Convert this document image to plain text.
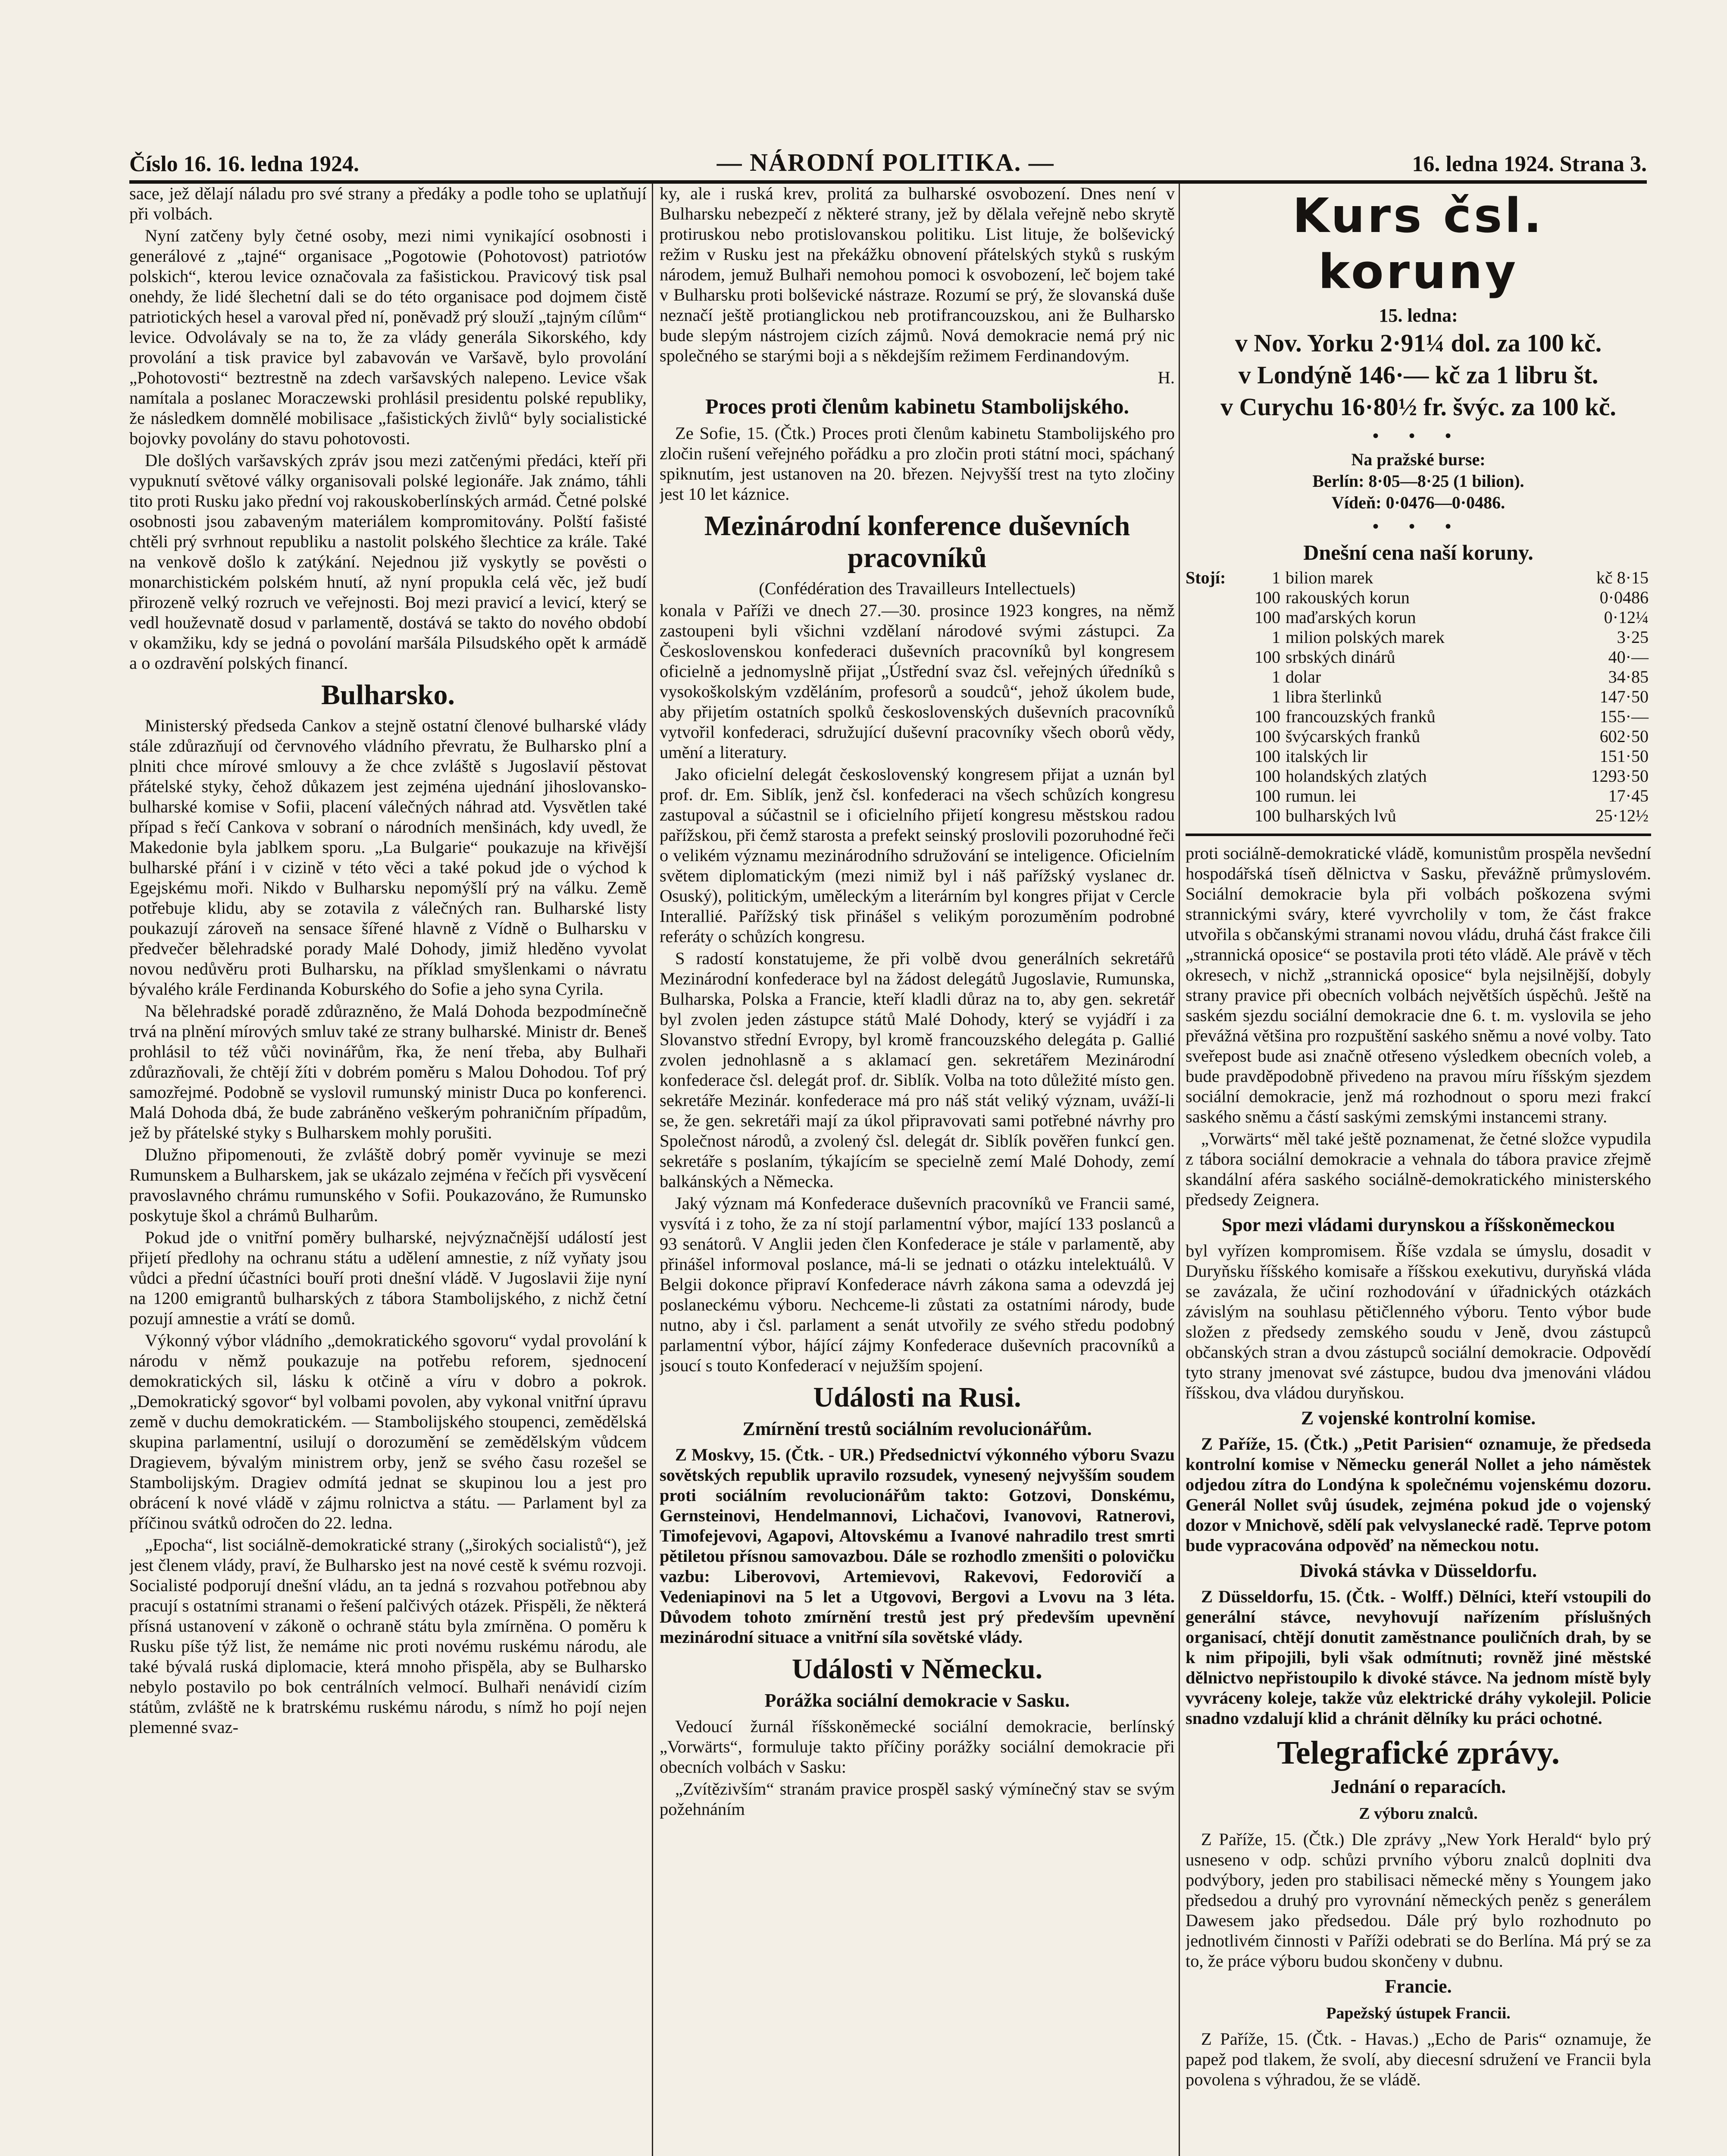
Číslo 16. 16. ledna 1924.	— NÁRODNÍ POLITIKA. —	16. ledna 1924. Strana 3.

sace, jež dělají náladu pro své strany a předáky a podle toho se uplatňují při volbách.

Nyní zatčeny byly četné osoby, mezi nimi vynikající osobnosti i generálové z „tajné“ organisace „Pogotowie (Pohotovost) patriotów polskich“, kterou levice označovala za fašistickou. Pravicový tisk psal onehdy, že lidé šlechetní dali se do této organisace pod dojmem čistě patriotických hesel a varoval před ní, poněvadž prý slouží „tajným cílům“ levice. Odvolávaly se na to, že za vlády generála Sikorského, kdy provolání a tisk pravice byl zabavován ve Varšavě, bylo provolání „Pohotovosti“ beztrestně na zdech varšavských nalepeno. Levice však namítala a poslanec Moraczewski prohlásil presidentu polské republiky, že následkem domnělé mobilisace „fašistických živlů“ byly socialistické bojovky povolány do stavu pohotovosti.

Dle došlých varšavských zpráv jsou mezi zatčenými předáci, kteří při vypuknutí světové války organisovali polské legionáře. Jak známo, táhli tito proti Rusku jako přední voj rakouskoberlínských armád. Četné polské osobnosti jsou zabaveným materiálem kompromitovány. Polští fašisté chtěli prý svrhnout republiku a nastolit polského šlechtice za krále. Také na venkově došlo k zatýkání. Nejednou již vyskytly se pověsti o monarchistickém polském hnutí, až nyní propukla celá věc, jež budí přirozeně velký rozruch ve veřejnosti. Boj mezi pravicí a levicí, který se vedl houževnatě dosud v parlamentě, dostává se takto do nového období v okamžiku, kdy se jedná o povolání maršála Pilsudského opět k armádě a o ozdravění polských financí.

Bulharsko.

Ministerský předseda Cankov a stejně ostatní členové bulharské vlády stále zdůrazňují od červnového vládního převratu, že Bulharsko plní a plniti chce mírové smlouvy a že chce zvláště s Jugoslavií pěstovat přátelské styky, čehož důkazem jest zejména ujednání jihoslovansko-bulharské komise v Sofii, placení válečných náhrad atd. Vysvětlen také případ s řečí Cankova v sobraní o národních menšinách, kdy uvedl, že Makedonie byla jablkem sporu. „La Bulgarie“ poukazuje na křivější bulharské přání i v cizině v této věci a také pokud jde o východ k Egejskému moři. Nikdo v Bulharsku nepomýšlí prý na válku. Země potřebuje klidu, aby se zotavila z válečných ran. Bulharské listy poukazují zároveň na sensace šířené hlavně z Vídně o Bulharsku v předvečer bělehradské porady Malé Dohody, jimiž hleděno vyvolat novou nedůvěru proti Bulharsku, na příklad smyšlenkami o návratu bývalého krále Ferdinanda Koburského do Sofie a jeho syna Cyrila.

Na bělehradské poradě zdůrazněno, že Malá Dohoda bezpodmínečně trvá na plnění mírových smluv také ze strany bulharské. Ministr dr. Beneš prohlásil to též vůči novinářům, řka, že není třeba, aby Bulhaři zdůrazňovali, že chtějí žíti v dobrém poměru s Malou Dohodou. Tof prý samozřejmé. Podobně se vyslovil rumunský ministr Duca po konferenci. Malá Dohoda dbá, že bude zabráněno veškerým pohraničním případům, jež by přátelské styky s Bulharskem mohly porušiti.

Dlužno připomenouti, že zvláště dobrý poměr vyvinuje se mezi Rumunskem a Bulharskem, jak se ukázalo zejména v řečích při vysvěcení pravoslavného chrámu rumunského v Sofii. Poukazováno, že Rumunsko poskytuje škol a chrámů Bulharům.

Pokud jde o vnitřní poměry bulharské, nejvýznačnější událostí jest přijetí předlohy na ochranu státu a udělení amnestie, z níž vyňaty jsou vůdci a přední účastníci bouří proti dnešní vládě. V Jugoslavii žije nyní na 1200 emigrantů bulharských z tábora Stambolijského, z nichž četní pozují amnestie a vrátí se domů.

Výkonný výbor vládního „demokratického sgovoru“ vydal provolání k národu v němž poukazuje na potřebu reforem, sjednocení demokratických sil, lásku k otčině a víru v dobro a pokrok. „Demokratický sgovor“ byl volbami povolen, aby vykonal vnitřní úpravu země v duchu demokratickém. — Stambolijského stoupenci, zemědělská skupina parlamentní, usilují o dorozumění se zemědělským vůdcem Dragievem, bývalým ministrem orby, jenž se svého času rozešel se Stambolijským. Dragiev odmítá jednat se skupinou lou a jest pro obrácení k nové vládě v zájmu rolnictva a státu. — Parlament byl za příčinou svátků odročen do 22. ledna.

„Epocha“, list sociálně-demokratické strany („širokých socialistů“), jež jest členem vlády, praví, že Bulharsko jest na nové cestě k svému rozvoji. Socialisté podporují dnešní vládu, an ta jedná s rozvahou potřebnou aby pracují s ostatními stranami o řešení palčivých otázek. Přispěli, že některá přísná ustanovení v zákoně o ochraně státu byla zmírněna. O poměru k Rusku píše týž list, že nemáme nic proti novému ruskému národu, ale také bývalá ruská diplomacie, která mnoho přispěla, aby se Bulharsko nebylo postavilo po bok centrálních velmocí. Bulhaři nenávidí cizím státům, zvláště ne k bratrskému ruskému národu, s nímž ho pojí nejen plemenné svaz-

ky, ale i ruská krev, prolitá za bulharské osvobození. Dnes není v Bulharsku nebezpečí z některé strany, jež by dělala veřejně nebo skrytě protiruskou nebo protislovanskou politiku. List lituje, že bolševický režim v Rusku jest na překážku obnovení přátelských styků s ruským národem, jemuž Bulhaři nemohou pomoci k osvobození, leč bojem také v Bulharsku proti bolševické nástraze. Rozumí se prý, že slovanská duše neznačí ještě protianglickou neb protifrancouzskou, ani že Bulharsko bude slepým nástrojem cizích zájmů. Nová demokracie nemá prý nic společného se starými boji a s někdejším režimem Ferdinandovým.

H.

Proces proti členům kabinetu Stambolijského.

Ze Sofie, 15. (Čtk.) Proces proti členům kabinetu Stambolijského pro zločin rušení veřejného pořádku a pro zločin proti státní moci, spáchaný spiknutím, jest ustanoven na 20. březen. Nejvyšší trest na tyto zločiny jest 10 let káznice.

Mezinárodní konference duševních pracovníků

(Confédération des Travailleurs Intellectuels)

konala v Paříži ve dnech 27.—30. prosince 1923 kongres, na němž zastoupeni byli všichni vzdělaní národové svými zástupci. Za Československou konfederaci duševních pracovníků byl kongresem oficielně a jednomyslně přijat „Ústřední svaz čsl. veřejných úředníků s vysokoškolským vzděláním, profesorů a soudců“, jehož úkolem bude, aby přijetím ostatních spolků československých duševních pracovníků vytvořil konfederaci, sdružující duševní pracovníky všech oborů vědy, umění a literatury.

Jako oficielní delegát československý kongresem přijat a uznán byl prof. dr. Em. Siblík, jenž čsl. konfederaci na všech schůzích kongresu zastupoval a súčastnil se i oficielního přijetí kongresu městskou radou pařížskou, při čemž starosta a prefekt seinský proslovili pozoruhodné řeči o velikém významu mezinárodního sdružování se inteligence. Oficielním světem diplomatickým (mezi nimiž byl i náš pařížský vyslanec dr. Osuský), politickým, uměleckým a literárním byl kongres přijat v Cercle Interallié. Pařížský tisk přinášel s velikým porozuměním podrobné referáty o schůzích kongresu.

S radostí konstatujeme, že při volbě dvou generálních sekretářů Mezinárodní konfederace byl na žádost delegátů Jugoslavie, Rumunska, Bulharska, Polska a Francie, kteří kladli důraz na to, aby gen. sekretář byl zvolen jeden zástupce států Malé Dohody, který se vyjádří i za Slovanstvo střední Evropy, byl kromě francouzského delegáta p. Gallié zvolen jednohlasně a s aklamací gen. sekretářem Mezinárodní konfederace čsl. delegát prof. dr. Siblík. Volba na toto důležité místo gen. sekretáře Mezinár. konfederace má pro náš stát veliký význam, uváží-li se, že gen. sekretáři mají za úkol připravovati sami potřebné návrhy pro Společnost národů, a zvolený čsl. delegát dr. Siblík pověřen funkcí gen. sekretáře s poslaním, týkajícím se specielně zemí Malé Dohody, zemí balkánských a Německa.

Jaký význam má Konfederace duševních pracovníků ve Francii samé, vysvítá i z toho, že za ní stojí parlamentní výbor, mající 133 poslanců a 93 senátorů. V Anglii jeden člen Konfederace je stále v parlamentě, aby přinášel informoval poslance, má-li se jednati o otázku intelektuálů. V Belgii dokonce připraví Konfederace návrh zákona sama a odevzdá jej poslaneckému výboru. Nechceme-li zůstati za ostatními národy, bude nutno, aby i čsl. parlament a senát utvořily ze svého středu podobný parlamentní výbor, hájící zájmy Konfederace duševních pracovníků a jsoucí s touto Konfederací v nejužším spojení.

Události na Rusi.
Zmírnění trestů sociálním revolucionářům.

Z Moskvy, 15. (Čtk. - UR.) Předsednictví výkonného výboru Svazu sovětských republik upravilo rozsudek, vynesený nejvyšším soudem proti sociálním revolucionářům takto: Gotzovi, Donskému, Gernsteinovi, Hendelmannovi, Lichačovi, Ivanovovi, Ratnerovi, Timofejevovi, Agapovi, Altovskému a Ivanové nahradilo trest smrti pětiletou přísnou samovazbou. Dále se rozhodlo zmenšiti o polovičku vazbu: Liberovovi, Artemievovi, Rakevovi, Fedorovičí a Vedeniapinovi na 5 let a Utgovovi, Bergovi a Lvovu na 3 léta. Důvodem tohoto zmírnění trestů jest prý především upevnění mezinárodní situace a vnitřní síla sovětské vlády.

Události v Německu.
Porážka sociální demokracie v Sasku.

Vedoucí žurnál říšskoněmecké sociální demokracie, berlínský „Vorwärts“, formuluje takto příčiny porážky sociální demokracie při obecních volbách v Sasku:

„Zvítězivším“ stranám pravice prospěl saský výmínečný stav se svým požehnáním

Kurs čsl. koruny
15. ledna:
v Nov. Yorku 2·91¼ dol. za 100 kč.
v Londýně 146·— kč za 1 libru št.
v Curychu 16·80½ fr. švýc. za 100 kč.
• • •
Na pražské burse:
Berlín: 8·05—8·25 (1 bilion).
Vídeň: 0·0476—0·0486.
• • •
Dnešní cena naší koruny.
Stojí:	1	bilion marek	kč 8·15
	100	rakouských korun	0·0486
	100	maďarských korun	0·12¼
	1	milion polských marek	3·25
	100	srbských dinárů	40·—
	1	dolar	34·85
	1	libra šterlinků	147·50
	100	francouzských franků	155·—
	100	švýcarských franků	602·50
	100	italských lir	151·50
	100	holandských zlatých	1293·50
	100	rumun. lei	17·45
	100	bulharských lvů	25·12½

proti sociálně-demokratické vládě, komunistům prospěla nevšední hospodářská tíseň dělnictva v Sasku, převážně průmyslovém. Sociální demokracie byla při volbách poškozena svými strannickými sváry, které vyvrcholily v tom, že část frakce utvořila s občanskými stranami novou vládu, druhá část frakce čili „strannická oposice“ se postavila proti této vládě. Ale právě v těch okresech, v nichž „strannická oposice“ byla nejsilnější, dobyly strany pravice při obecních volbách největších úspěchů. Ještě na saském sjezdu sociální demokracie dne 6. t. m. vyslovila se jeho převážná většina pro rozpuštění saského sněmu a nové volby. Tato sveřepost bude asi značně otřeseno výsledkem obecních voleb, a bude pravděpodobně přivedeno na pravou míru říšským sjezdem sociální demokracie, jenž má rozhodnout o sporu mezi frakcí saského sněmu a částí saskými zemskými instancemi strany.

„Vorwärts“ měl také ještě poznamenat, že četné složce vypudila z tábora sociální demokracie a vehnala do tábora pravice zřejmě skandální aféra saského sociálně-demokratického ministerského předsedy Zeignera.

Spor mezi vládami durynskou a říšskoněmeckou

byl vyřízen kompromisem. Říše vzdala se úmyslu, dosadit v Duryňsku říšského komisaře a říšskou exekutivu, duryňská vláda se zavázala, že učiní rozhodování v úřadnických otázkách závislým na souhlasu pětičlenného výboru. Tento výbor bude složen z předsedy zemského soudu v Jeně, dvou zástupců občanských stran a dvou zástupců sociální demokracie. Odpovědí tyto strany jmenovat své zástupce, budou dva jmenováni vládou říšskou, dva vládou duryňskou.

Z vojenské kontrolní komise.

Z Paříže, 15. (Čtk.) „Petit Parisien“ oznamuje, že předseda kontrolní komise v Německu generál Nollet a jeho náměstek odjedou zítra do Londýna k společnému vojenskému dozoru. Generál Nollet svůj úsudek, zejména pokud jde o vojenský dozor v Mnichově, sdělí pak velvyslanecké radě. Teprve potom bude vypracována odpověď na německou notu.

Divoká stávka v Düsseldorfu.

Z Düsseldorfu, 15. (Čtk. - Wolff.) Dělníci, kteří vstoupili do generální stávce, nevyhovují nařízením příslušných organisací, chtějí donutit zaměstnance pouličních drah, by se k nim připojili, byli však odmítnuti; rovněž jiné městské dělnictvo nepřistoupilo k divoké stávce. Na jednom místě byly vyvráceny koleje, takže vůz elektrické dráhy vykolejil. Policie snadno vzdalují klid a chránit dělníky ku práci ochotné.

Telegrafické zprávy.
Jednání o reparacích.
Z výboru znalců.

Z Paříže, 15. (Čtk.) Dle zprávy „New York Herald“ bylo prý usneseno v odp. schůzi prvního výboru znalců doplniti dva podvýbory, jeden pro stabilisaci německé měny s Youngem jako předsedou a druhý pro vyrovnání německých peněz s generálem Dawesem jako předsedou. Dále prý bylo rozhodnuto po jednotlivém činnosti v Paříži odebrati se do Berlína. Má prý se za to, že práce výboru budou skončeny v dubnu.

Francie.
Papežský ústupek Francii.

Z Paříže, 15. (Čtk. - Havas.) „Echo de Paris“ oznamuje, že papež pod tlakem, že svolí, aby diecesní sdružení ve Francii byla povolena s výhradou, že se vládě.
